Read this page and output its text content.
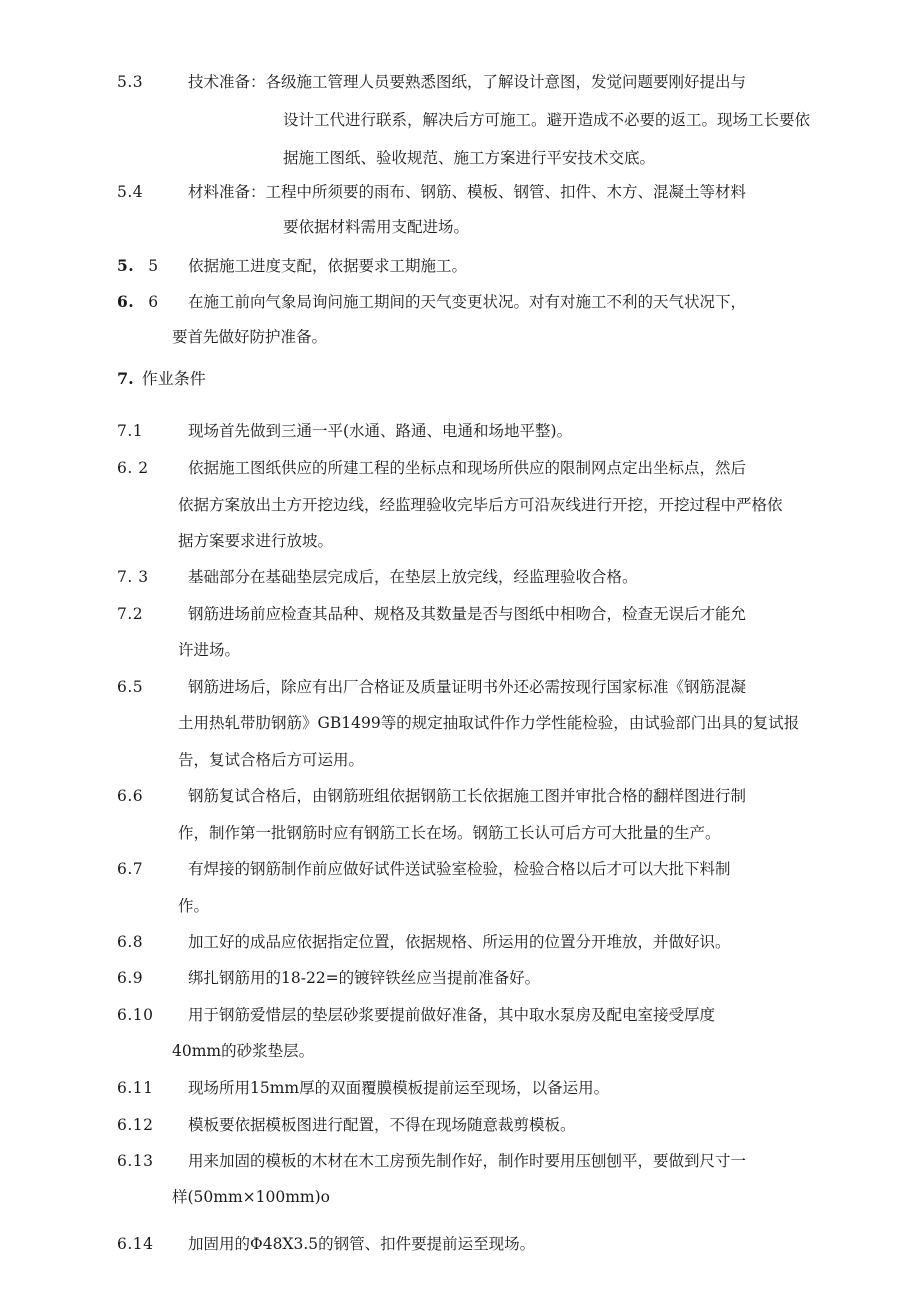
5.3	技术准备：各级施工管理人员要熟悉图纸，了解设计意图，发觉问题要刚好提出与
设计工代进行联系，解决后方可施工。避开造成不必要的返工。现场工长要依
据施工图纸、验收规范、施工方案进行平安技术交底。
5.4	材料准备：工程中所须要的雨布、钢筋、模板、钢管、扣件、木方、混凝土等材料
要依据材料需用支配进场。
5. 5 依据施工进度支配，依据要求工期施工。
6. 6 在施工前向气象局询问施工期间的天气变更状况。对有对施工不利的天气状况下，
要首先做好防护准备。
7. 作业条件
7.1	现场首先做到三通一平(水通、路通、电通和场地平整)。
6. 2	依据施工图纸供应的所建工程的坐标点和现场所供应的限制网点定出坐标点，然后
依据方案放出土方开挖边线，经监理验收完毕后方可沿灰线进行开挖，开挖过程中严格依
据方案要求进行放坡。
7. 3	基础部分在基础垫层完成后，在垫层上放完线，经监理验收合格。
7.2	钢筋进场前应检查其品种、规格及其数量是否与图纸中相吻合，检查无误后才能允
许进场。
6.5	钢筋进场后，除应有出厂合格证及质量证明书外还必需按现行国家标准《钢筋混凝
土用热轧带肋钢筋》GB1499等的规定抽取试件作力学性能检验，由试验部门出具的复试报
告，复试合格后方可运用。
6.6	钢筋复试合格后，由钢筋班组依据钢筋工长依据施工图并审批合格的翻样图进行制
作，制作第一批钢筋时应有钢筋工长在场。钢筋工长认可后方可大批量的生产。
6.7	有焊接的钢筋制作前应做好试件送试验室检验，检验合格以后才可以大批下料制
作。
6.8	加工好的成品应依据指定位置，依据规格、所运用的位置分开堆放，并做好识。
6.9	绑扎钢筋用的18-22=的镀锌铁丝应当提前准备好。
6.10 用于钢筋爱惜层的垫层砂浆要提前做好准备，其中取水泵房及配电室接受厚度
40mm的砂浆垫层。
6.11 现场所用15mm厚的双面覆膜模板提前运至现场，以备运用。
6.12 模板要依据模板图进行配置，不得在现场随意裁剪模板。
6.13 用来加固的模板的木材在木工房预先制作好，制作时要用压刨刨平，要做到尺寸一
样(50mm×100mm)o
6.14 加固用的Φ48X3.5的钢管、扣件要提前运至现场。
